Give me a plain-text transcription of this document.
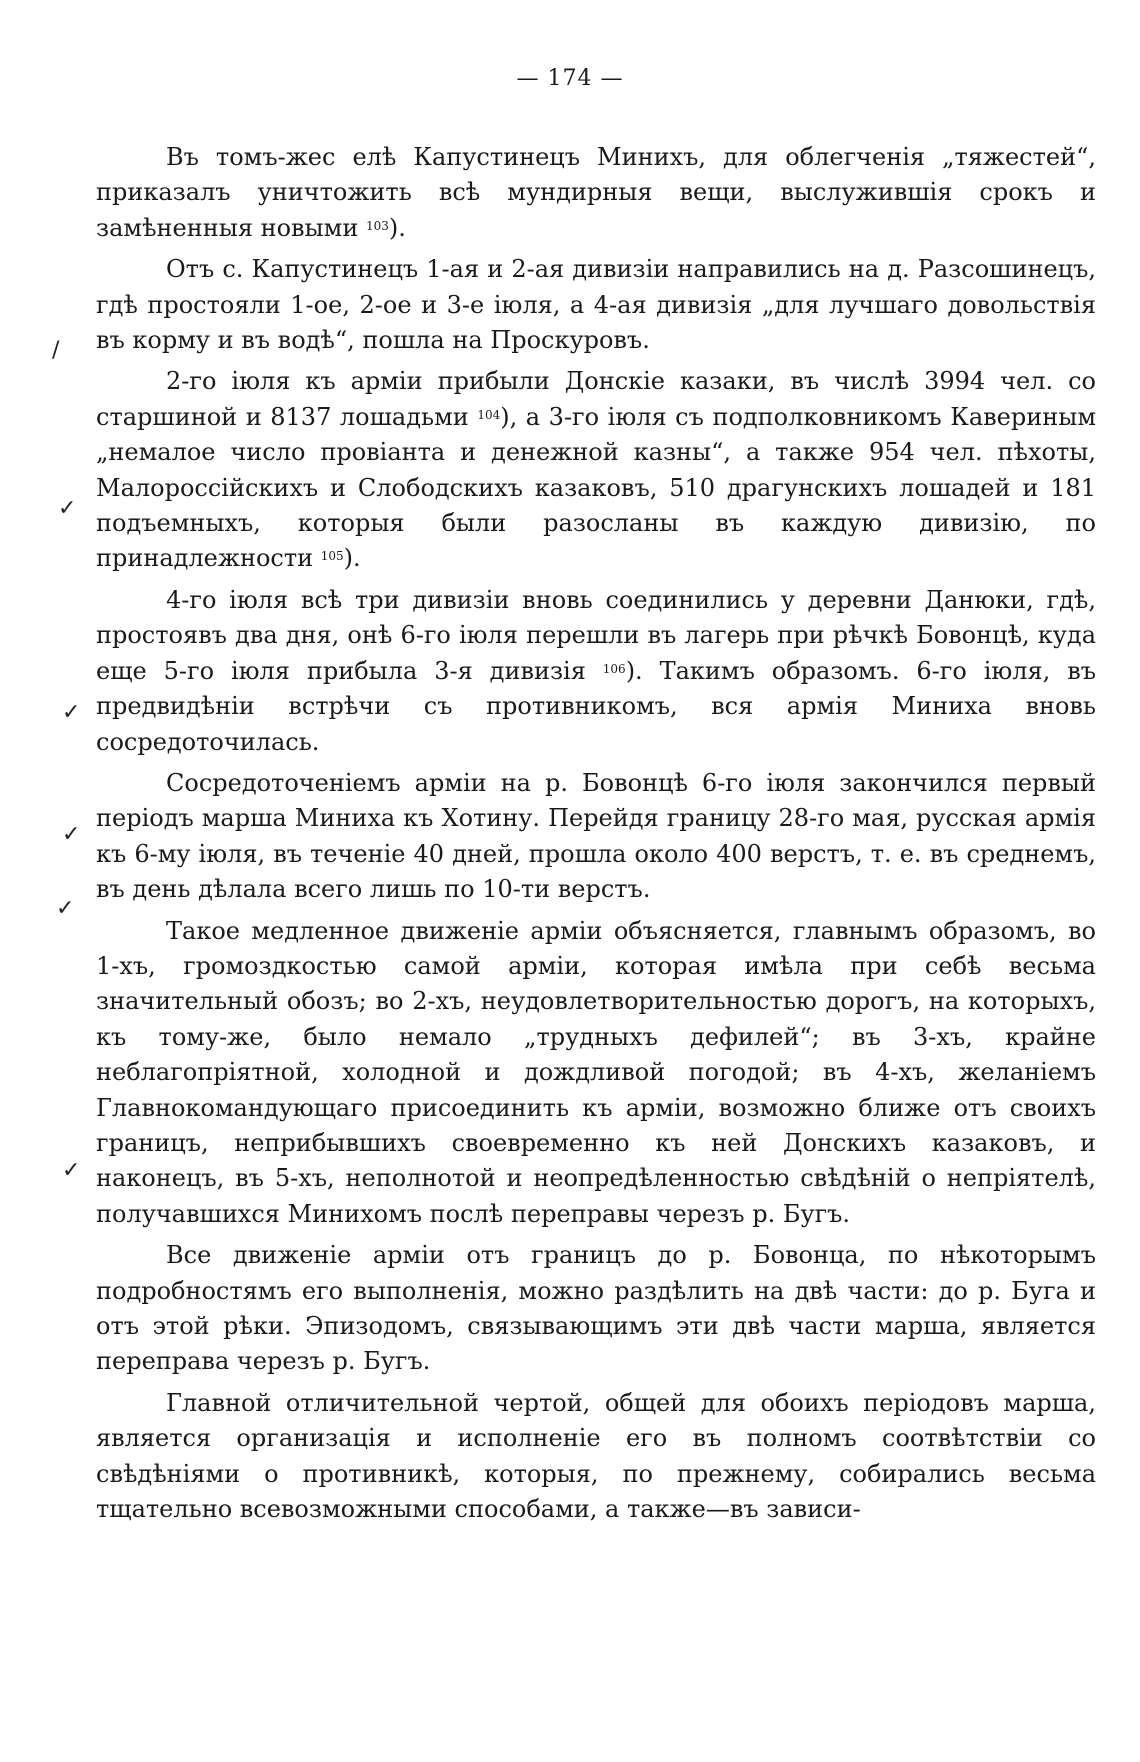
— 174 —
/
✓
✓
✓
✓
✓

Въ томъ-жес елѣ Капустинецъ Минихъ, для облегченія „тяжестей“, приказалъ уничтожить всѣ мундирныя вещи, выслужившія срокъ и замѣненныя новыми $^{103}$).

Отъ с. Капустинецъ 1-ая и 2-ая дивизіи направились на д. Разсошинецъ, гдѣ простояли 1-ое, 2-ое и 3-е іюля, а 4-ая дивизія „для лучшаго довольствія въ корму и въ водѣ“, пошла на Проскуровъ.

2-го іюля къ арміи прибыли Донскіе казаки, въ числѣ 3994 чел. со старшиной и 8137 лошадьми $^{104}$), а 3-го іюля съ подполковникомъ Кавериным „немалое число провіанта и денежной казны“, а также 954 чел. пѣхоты, Малороссійскихъ и Слободскихъ казаковъ, 510 драгунскихъ лошадей и 181 подъемныхъ, которыя были разосланы въ каждую дивизію, по принадлежности $^{105}$).

4-го іюля всѣ три дивизіи вновь соединились у деревни Данюки, гдѣ, простоявъ два дня, онѣ 6-го іюля перешли въ лагерь при рѣчкѣ Бовонцѣ, куда еще 5-го іюля прибыла 3-я дивизія $^{106}$). Такимъ образомъ. 6-го іюля, въ предвидѣніи встрѣчи съ противникомъ, вся армія Миниха вновь сосредоточилась.

Сосредоточеніемъ арміи на р. Бовонцѣ 6-го іюля закончился первый періодъ марша Миниха къ Хотину. Перейдя границу 28-го мая, русская армія къ 6-му іюля, въ теченіе 40 дней, прошла около 400 верстъ, т. е. въ среднемъ, въ день дѣлала всего лишь по 10-ти верстъ.

Такое медленное движеніе арміи объясняется, главнымъ образомъ, во 1-хъ, громоздкостью самой арміи, которая имѣла при себѣ весьма значительный обозъ; во 2-хъ, неудовлетворительностью дорогъ, на которыхъ, къ тому-же, было немало „трудныхъ дефилей“; въ 3-хъ, крайне неблагопріятной, холодной и дождливой погодой; въ 4-хъ, желаніемъ Главнокомандующаго присоединить къ арміи, возможно ближе отъ своихъ границъ, неприбывшихъ своевременно къ ней Донскихъ казаковъ, и наконецъ, въ 5-хъ, неполнотой и неопредѣленностью свѣдѣній о непріятелѣ, получавшихся Минихомъ послѣ переправы черезъ р. Бугъ.

Все движеніе арміи отъ границъ до р. Бовонца, по нѣкоторымъ подробностямъ его выполненія, можно раздѣлить на двѣ части: до р. Буга и отъ этой рѣки. Эпизодомъ, связывающимъ эти двѣ части марша, является переправа черезъ р. Бугъ.

Главной отличительной чертой, общей для обоихъ періодовъ марша, является организація и исполненіе его въ полномъ соотвѣтствіи со свѣдѣніями о противникѣ, которыя, по прежнему, собирались весьма тщательно всевозможными способами, а также—въ зависи-
